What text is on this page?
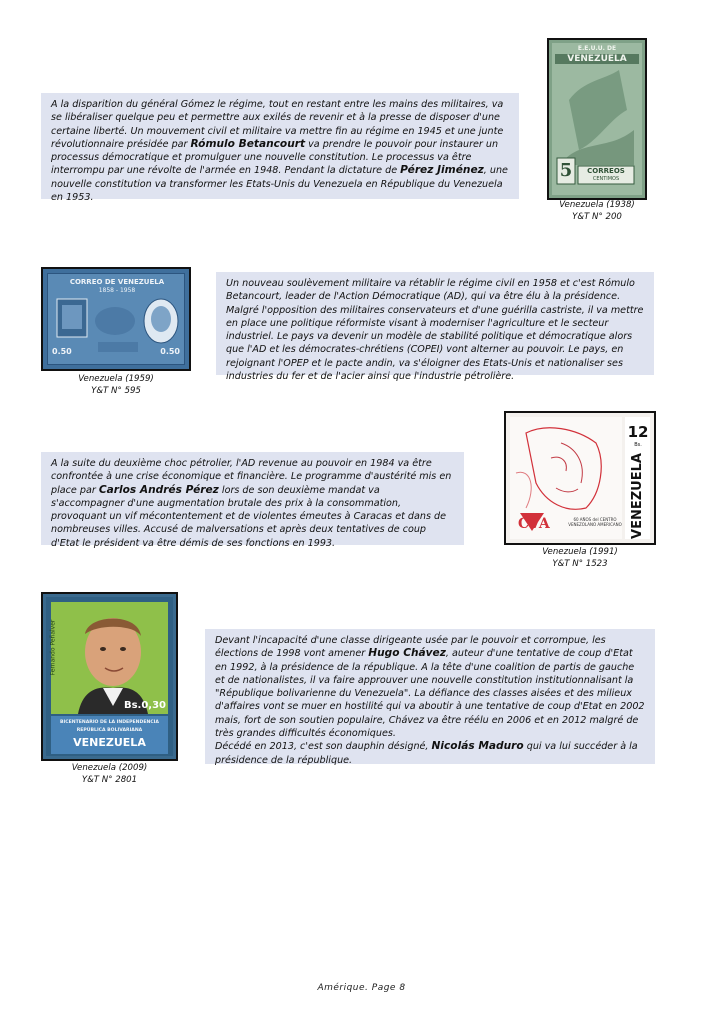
A la disparition du général Gómez le régime, tout en restant entre les mains des militaires, va se libéraliser quelque peu et permettre aux exilés de revenir et à la presse de disposer d'une certaine liberté. Un mouvement civil et militaire va mettre fin au régime en 1945 et une junte révolutionnaire présidée par Rómulo Betancourt va prendre le pouvoir pour instaurer un processus démocratique et promulguer une nouvelle constitution. Le processus va être interrompu par une révolte de l'armée en 1948. Pendant la dictature de Pérez Jiménez, une nouvelle constitution va transformer les Etats-Unis du Venezuela en République du Venezuela en 1953.
E.E.U.U. DE
VENEZUELA
5	CORREOS
CENTIMOS
Venezuela (1938)
Y&T N° 200
CORREO DE VENEZUELA
1858 - 1958
0.50	0.50
Venezuela (1959)
Y&T N° 595
Un nouveau soulèvement militaire va rétablir le régime civil en 1958 et c'est Rómulo Betancourt, leader de l'Action Démocratique (AD), qui va être élu à la présidence. Malgré l'opposition des militaires conservateurs et d'une guérilla castriste, il va mettre en place une politique réformiste visant à moderniser l'agriculture et le secteur industriel. Le pays va devenir un modèle de stabilité politique et démocratique alors que l'AD et les démocrates-chrétiens (COPEI) vont alterner au pouvoir. Le pays, en rejoignant l'OPEP et le pacte andin, va s'éloigner des Etats-Unis et nationaliser ses industries du fer et de l'acier ainsi que l'industrie pétrolière.
A la suite du deuxième choc pétrolier, l'AD revenue au pouvoir en 1984 va être confrontée à une crise économique et financière. Le programme d'austérité mis en place par Carlos Andrés Pérez lors de son deuxième mandat va s'accompagner d'une augmentation brutale des prix à la consommation, provoquant un vif mécontentement et de violentes émeutes à Caracas et dans de nombreuses villes. Accusé de malversations et après deux tentatives de coup d'Etat le président va être démis de ses fonctions en 1993.
12
Bs.
VENEZUELA
CVA	60 AÑOS del CENTRO VENEZOLANO AMERICANO
Venezuela (1991)
Y&T N° 1523
Fernando Peñalver
Bs.0,30
BICENTENARIO DE LA INDEPENDENCIA
REPÚBLICA BOLIVARIANA
VENEZUELA
Venezuela (2009)
Y&T N° 2801
Devant l'incapacité d'une classe dirigeante usée par le pouvoir et corrompue, les élections de 1998 vont amener Hugo Chávez, auteur d'une tentative de coup d'Etat en 1992, à la présidence de la république. A la tête d'une coalition de partis de gauche et de nationalistes, il va faire approuver une nouvelle constitution institutionnalisant la "République bolivarienne du Venezuela". La défiance des classes aisées et des milieux d'affaires vont se muer en hostilité qui va aboutir à une tentative de coup d'Etat en 2002 mais, fort de son soutien populaire, Chávez va être réélu en 2006 et en 2012 malgré de très grandes difficultés économiques.
Décédé en 2013, c'est son dauphin désigné, Nicolás Maduro qui va lui succéder à la présidence de la république.
Amérique. Page 8
